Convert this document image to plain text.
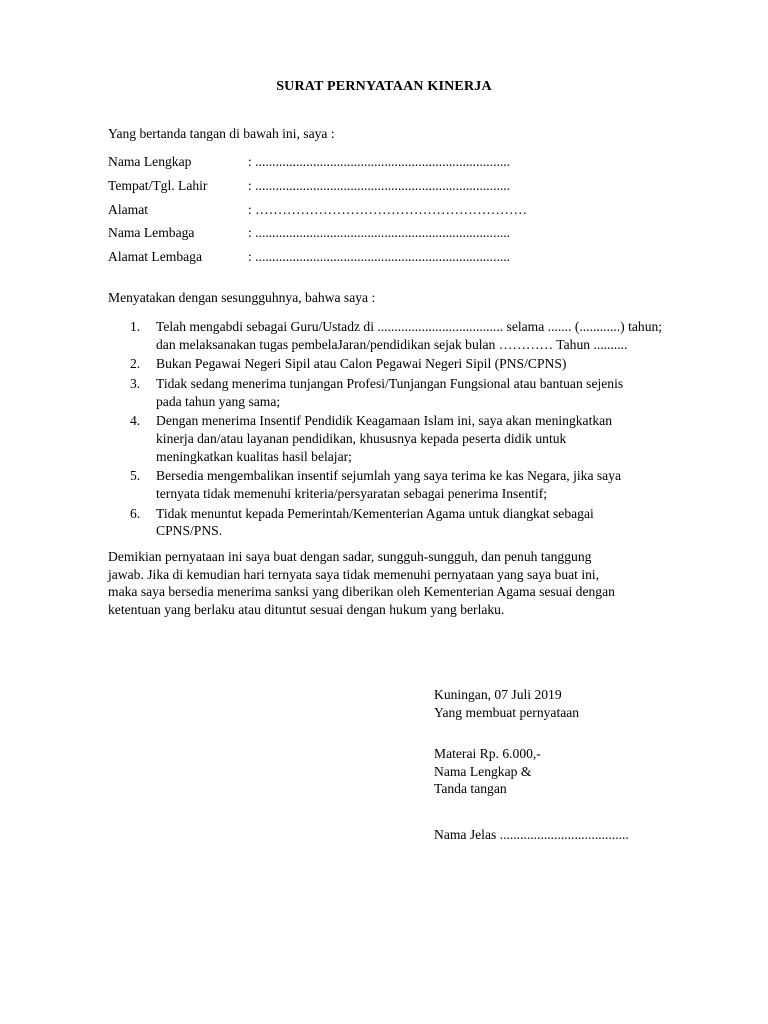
SURAT PERNYATAAN KINERJA
Yang bertanda tangan di bawah ini, saya :
Nama Lengkap	: ...........................................................................
Tempat/Tgl. Lahir	: ...........................................................................
Alamat	: ……………………………………………………
Nama Lembaga	: ...........................................................................
Alamat Lembaga	: ...........................................................................
Menyatakan dengan sesungguhnya, bahwa saya :
1.	Telah mengabdi sebagai Guru/Ustadz di ..................................... selama ....... (............) tahun;
dan melaksanakan tugas pembelaJaran/pendidikan sejak bulan ………… Tahun ..........
2.	Bukan Pegawai Negeri Sipil atau Calon Pegawai Negeri Sipil (PNS/CPNS)
3.	Tidak sedang menerima tunjangan Profesi/Tunjangan Fungsional atau bantuan sejenis
pada tahun yang sama;
4.	Dengan menerima Insentif Pendidik Keagamaan Islam ini, saya akan meningkatkan
kinerja dan/atau layanan pendidikan, khususnya kepada peserta didik untuk
meningkatkan kualitas hasil belajar;
5.	Bersedia mengembalikan insentif sejumlah yang saya terima ke kas Negara, jika saya
ternyata tidak memenuhi kriteria/persyaratan sebagai penerima Insentif;
6.	Tidak menuntut kepada Pemerintah/Kementerian Agama untuk diangkat sebagai
CPNS/PNS.
Demikian pernyataan ini saya buat dengan sadar, sungguh-sungguh, dan penuh tanggung
jawab. Jika di kemudian hari ternyata saya tidak memenuhi pernyataan yang saya buat ini,
maka saya bersedia menerima sanksi yang diberikan oleh Kementerian Agama sesuai dengan
ketentuan yang berlaku atau dituntut sesuai dengan hukum yang berlaku.
Kuningan, 07 Juli 2019
Yang membuat pernyataan
Materai Rp. 6.000,-
Nama Lengkap &
Tanda tangan
Nama Jelas ......................................
